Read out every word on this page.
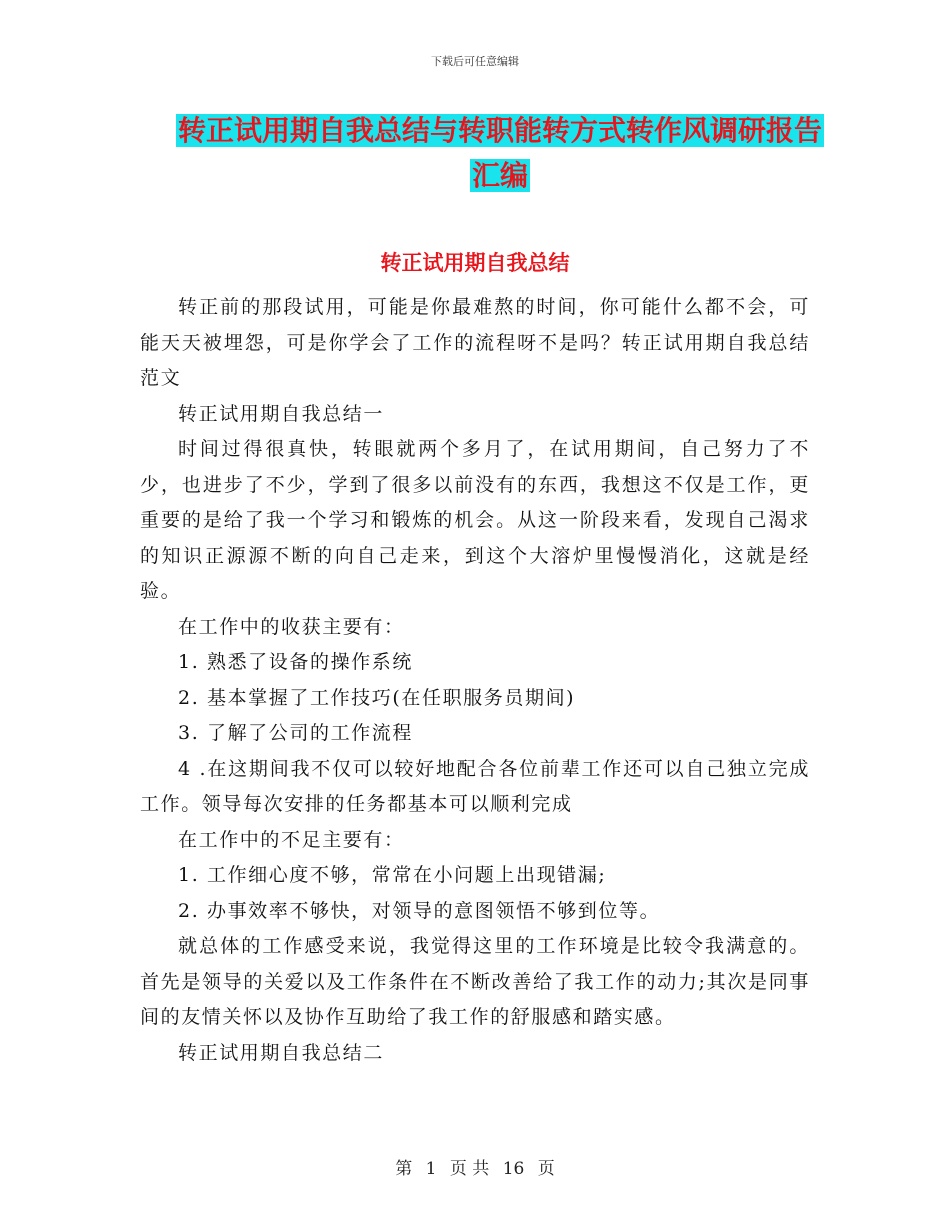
下载后可任意编辑
转正试用期自我总结与转职能转方式转作风调研报告
汇编
转正试用期自我总结

转正前的那段试用，可能是你最难熬的时间，你可能什么都不会，可能天天被埋怨，可是你学会了工作的流程呀不是吗？转正试用期自我总结范文

转正试用期自我总结一

时间过得很真快，转眼就两个多月了，在试用期间，自己努力了不少，也进步了不少，学到了很多以前没有的东西，我想这不仅是工作，更重要的是给了我一个学习和锻炼的机会。从这一阶段来看，发现自己渴求的知识正源源不断的向自己走来，到这个大溶炉里慢慢消化，这就是经验。

在工作中的收获主要有：

1. 熟悉了设备的操作系统

2. 基本掌握了工作技巧(在任职服务员期间)

3. 了解了公司的工作流程

4 .在这期间我不仅可以较好地配合各位前辈工作还可以自己独立完成工作。领导每次安排的任务都基本可以顺利完成

在工作中的不足主要有：

1. 工作细心度不够，常常在小问题上出现错漏;

2. 办事效率不够快，对领导的意图领悟不够到位等。

就总体的工作感受来说，我觉得这里的工作环境是比较令我满意的。首先是领导的关爱以及工作条件在不断改善给了我工作的动力;其次是同事间的友情关怀以及协作互助给了我工作的舒服感和踏实感。

转正试用期自我总结二

第 1 页 共 16 页
